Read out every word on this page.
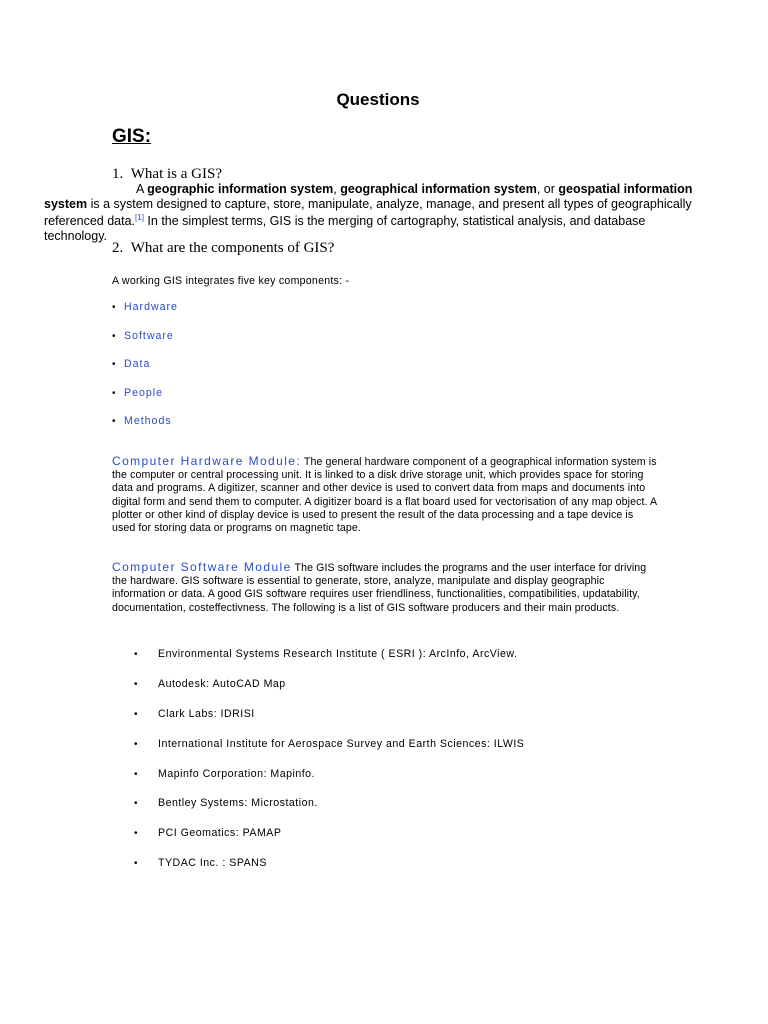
Questions
GIS:
1. What is a GIS?
A geographic information system, geographical information system, or geospatial information system is a system designed to capture, store, manipulate, analyze, manage, and present all types of geographically referenced data.[1] In the simplest terms, GIS is the merging of cartography, statistical analysis, and database technology.
2. What are the components of GIS?
A working GIS integrates five key components: -
• Hardware
• Software
• Data
• People
• Methods
Computer Hardware Module: The general hardware component of a geographical information system is the computer or central processing unit. It is linked to a disk drive storage unit, which provides space for storing data and programs. A digitizer, scanner and other device is used to convert data from maps and documents into digital form and send them to computer. A digitizer board is a flat board used for vectorisation of any map object. A plotter or other kind of display device is used to present the result of the data processing and a tape device is used for storing data or programs on magnetic tape.
Computer Software Module The GIS software includes the programs and the user interface for driving the hardware. GIS software is essential to generate, store, analyze, manipulate and display geographic information or data. A good GIS software requires user friendliness, functionalities, compatibilities, updatability, documentation, costeffectivness. The following is a list of GIS software producers and their main products.
• Environmental Systems Research Institute ( ESRI ): ArcInfo, ArcView.
• Autodesk: AutoCAD Map
• Clark Labs: IDRISI
• International Institute for Aerospace Survey and Earth Sciences: ILWIS
• Mapinfo Corporation: Mapinfo.
• Bentley Systems: Microstation.
• PCI Geomatics: PAMAP
• TYDAC Inc. : SPANS
